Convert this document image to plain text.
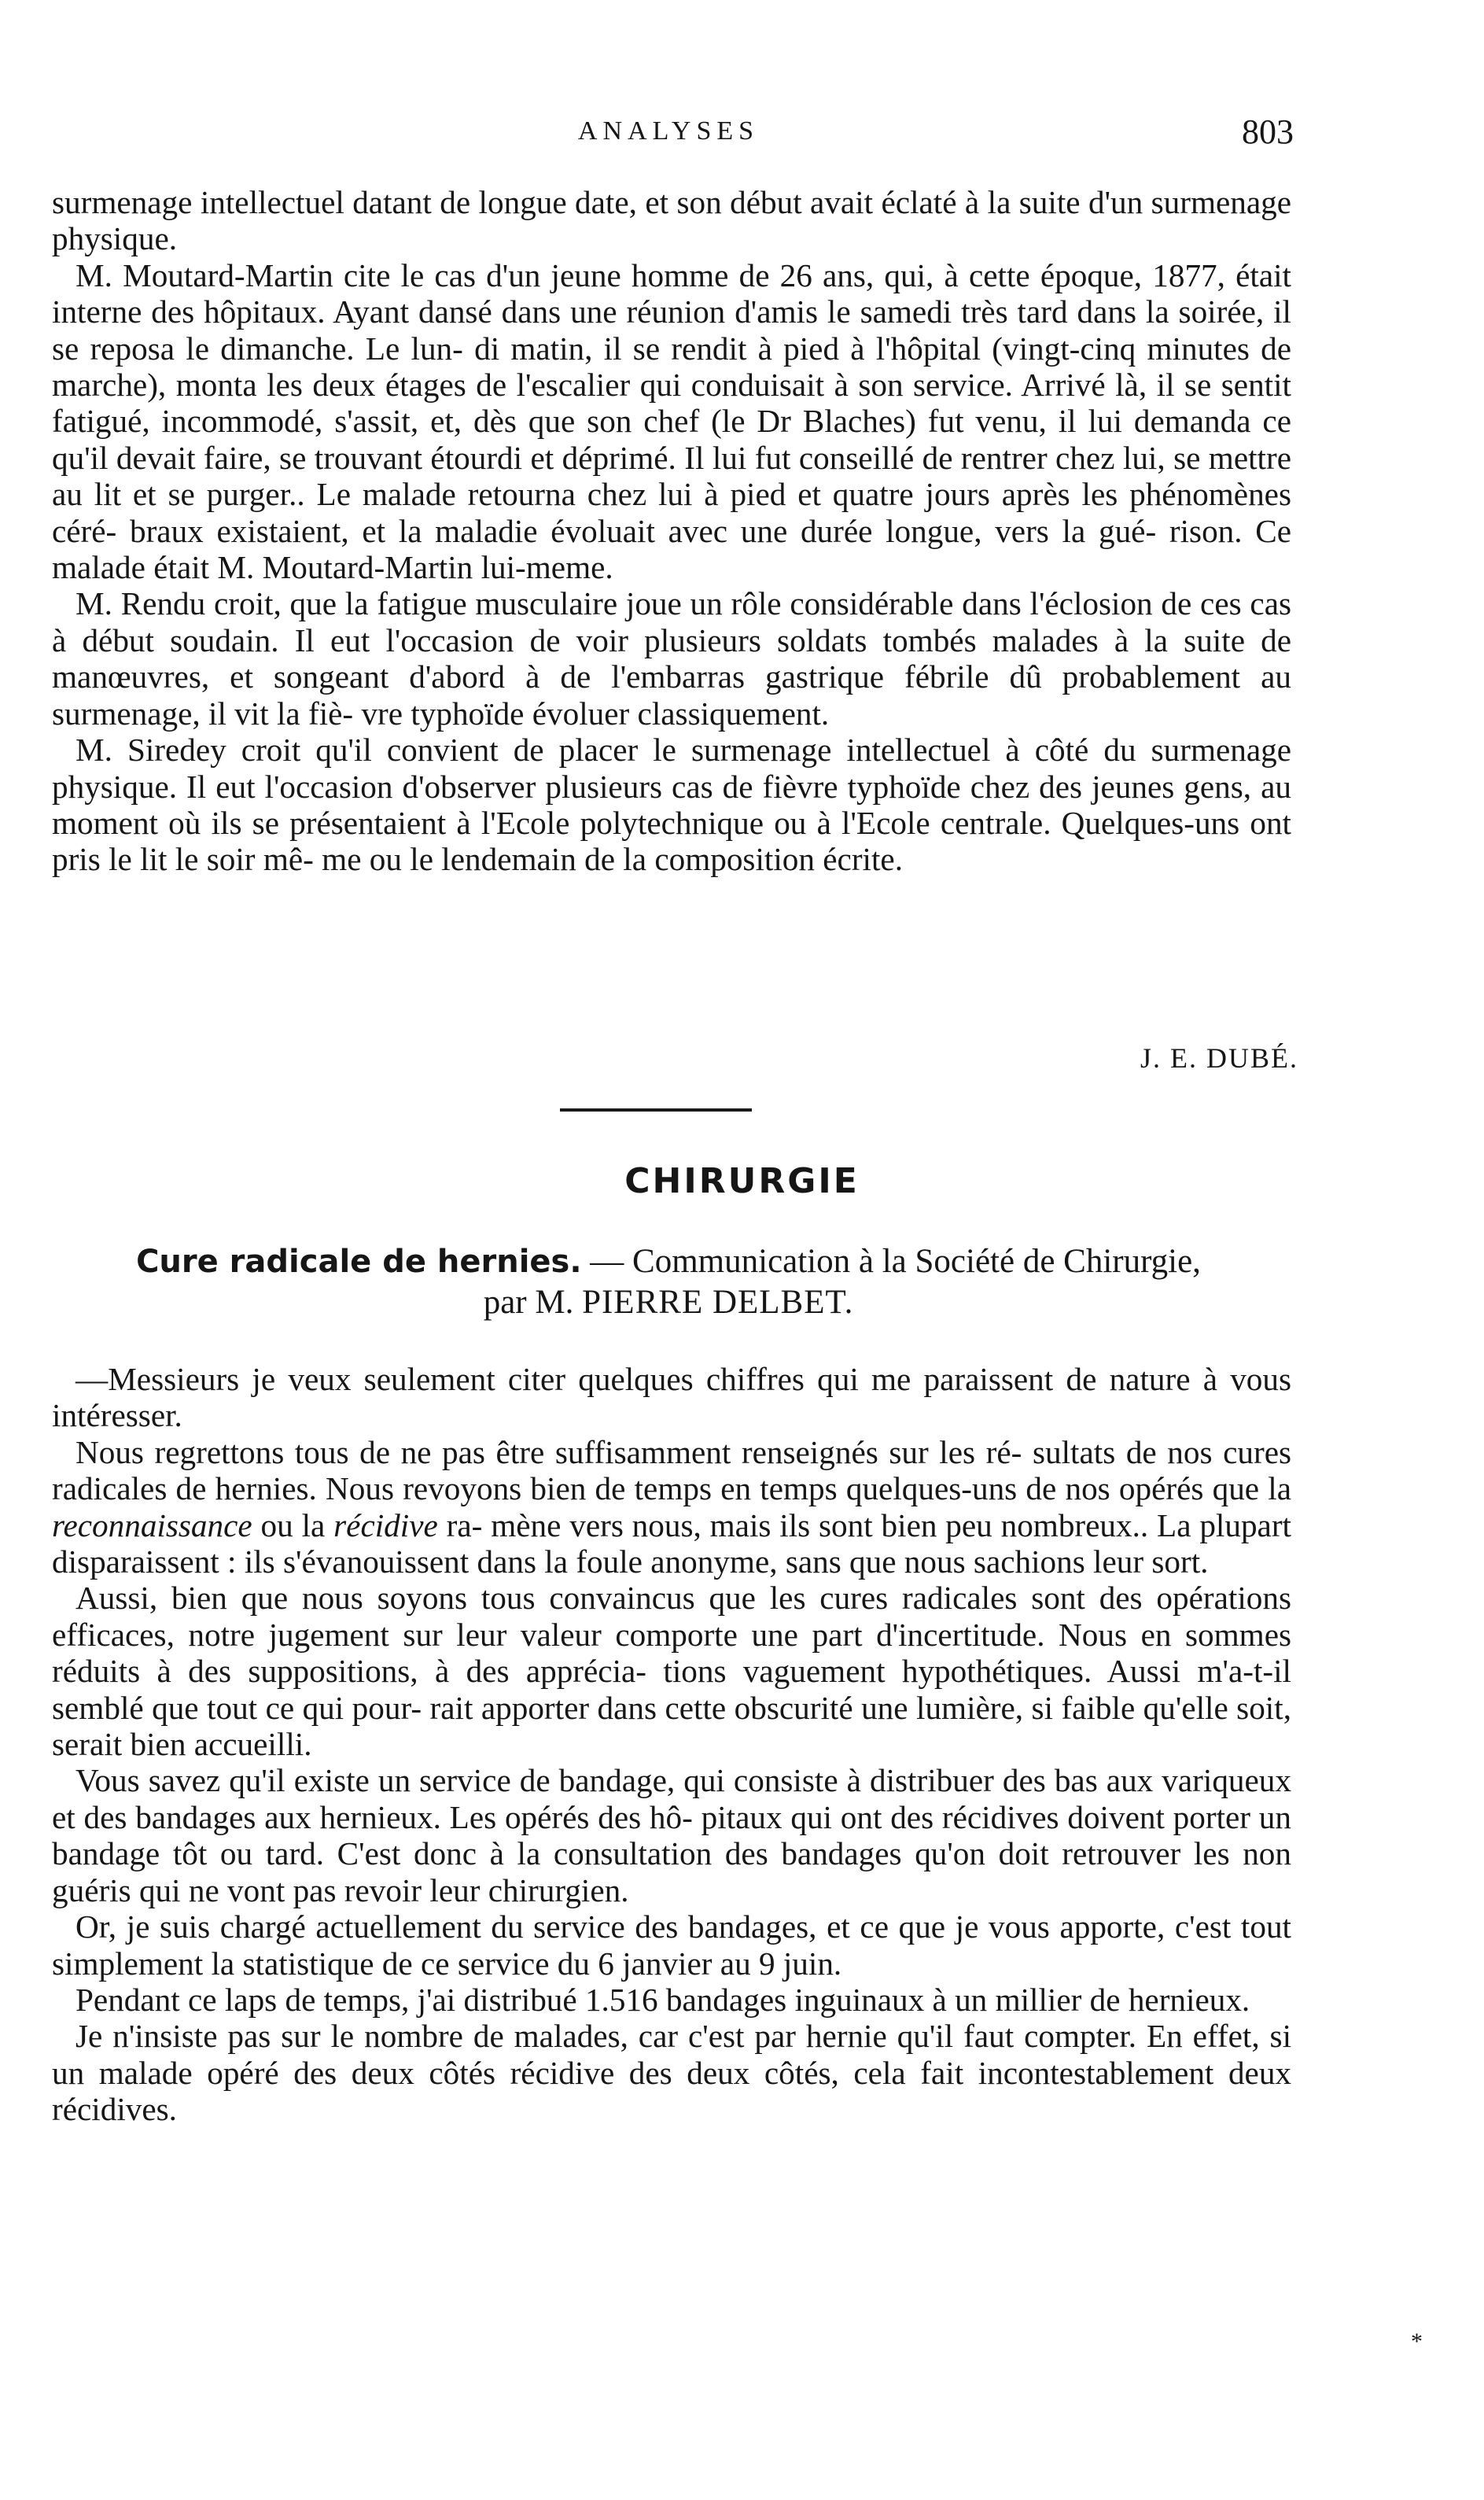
ANALYSES	803

surmenage intellectuel datant de longue date, et son début avait éclaté à la suite d'un surmenage physique.

M. Moutard-Martin cite le cas d'un jeune homme de 26 ans, qui, à cette époque, 1877, était interne des hôpitaux. Ayant dansé dans une réunion d'amis le samedi très tard dans la soirée, il se reposa le dimanche. Le lun- di matin, il se rendit à pied à l'hôpital (vingt-cinq minutes de marche), monta les deux étages de l'escalier qui conduisait à son service. Arrivé là, il se sentit fatigué, incommodé, s'assit, et, dès que son chef (le Dr Blaches) fut venu, il lui demanda ce qu'il devait faire, se trouvant étourdi et déprimé. Il lui fut conseillé de rentrer chez lui, se mettre au lit et se purger.. Le malade retourna chez lui à pied et quatre jours après les phénomènes céré- braux existaient, et la maladie évoluait avec une durée longue, vers la gué- rison. Ce malade était M. Moutard-Martin lui-meme.

M. Rendu croit, que la fatigue musculaire joue un rôle considérable dans l'éclosion de ces cas à début soudain. Il eut l'occasion de voir plusieurs soldats tombés malades à la suite de manœuvres, et songeant d'abord à de l'embarras gastrique fébrile dû probablement au surmenage, il vit la fiè- vre typhoïde évoluer classiquement.

M. Siredey croit qu'il convient de placer le surmenage intellectuel à côté du surmenage physique. Il eut l'occasion d'observer plusieurs cas de fièvre typhoïde chez des jeunes gens, au moment où ils se présentaient à l'Ecole polytechnique ou à l'Ecole centrale. Quelques-uns ont pris le lit le soir mê- me ou le lendemain de la composition écrite.

J. E. DUBÉ.
CHIRURGIE
Cure radicale de hernies. — Communication à la Société de Chirurgie,
par M. PIERRE DELBET.

—Messieurs je veux seulement citer quelques chiffres qui me paraissent de nature à vous intéresser.

Nous regrettons tous de ne pas être suffisamment renseignés sur les ré- sultats de nos cures radicales de hernies. Nous revoyons bien de temps en temps quelques-uns de nos opérés que la reconnaissance ou la récidive ra- mène vers nous, mais ils sont bien peu nombreux.. La plupart disparaissent : ils s'évanouissent dans la foule anonyme, sans que nous sachions leur sort.

Aussi, bien que nous soyons tous convaincus que les cures radicales sont des opérations efficaces, notre jugement sur leur valeur comporte une part d'incertitude. Nous en sommes réduits à des suppositions, à des apprécia- tions vaguement hypothétiques. Aussi m'a-t-il semblé que tout ce qui pour- rait apporter dans cette obscurité une lumière, si faible qu'elle soit, serait bien accueilli.

Vous savez qu'il existe un service de bandage, qui consiste à distribuer des bas aux variqueux et des bandages aux hernieux. Les opérés des hô- pitaux qui ont des récidives doivent porter un bandage tôt ou tard. C'est donc à la consultation des bandages qu'on doit retrouver les non guéris qui ne vont pas revoir leur chirurgien.

Or, je suis chargé actuellement du service des bandages, et ce que je vous apporte, c'est tout simplement la statistique de ce service du 6 janvier au 9 juin.

Pendant ce laps de temps, j'ai distribué 1.516 bandages inguinaux à un millier de hernieux.

Je n'insiste pas sur le nombre de malades, car c'est par hernie qu'il faut compter. En effet, si un malade opéré des deux côtés récidive des deux côtés, cela fait incontestablement deux récidives.

*
